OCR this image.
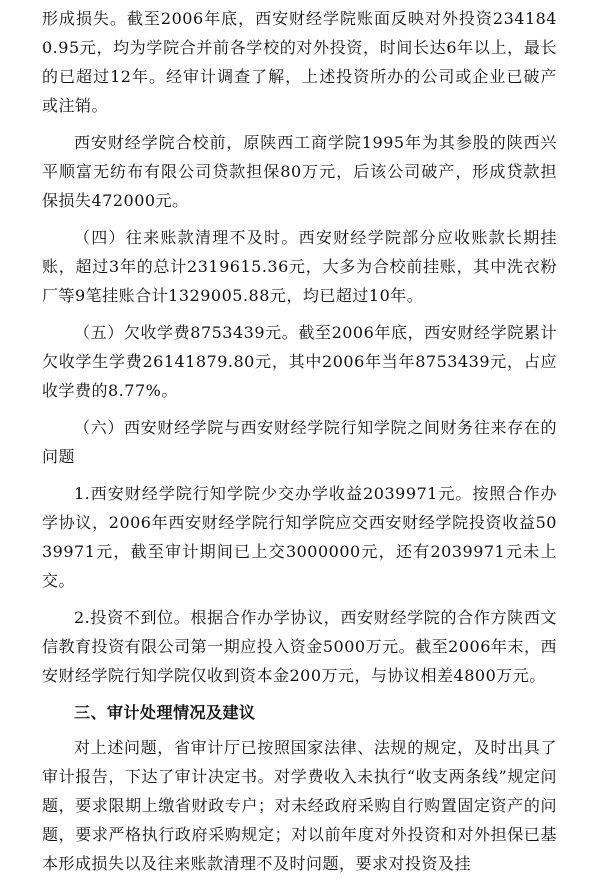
形成损失。截至2006年底，西安财经学院账面反映对外投资2341840.95元，均为学院合并前各学校的对外投资，时间长达6年以上，最长的已超过12年。经审计调查了解，上述投资所办的公司或企业已破产或注销。

西安财经学院合校前，原陕西工商学院1995年为其参股的陕西兴平顺富无纺布有限公司贷款担保80万元，后该公司破产，形成贷款担保损失472000元。

（四）往来账款清理不及时。西安财经学院部分应收账款长期挂账，超过3年的总计2319615.36元，大多为合校前挂账，其中洗衣粉厂等9笔挂账合计1329005.88元，均已超过10年。

（五）欠收学费8753439元。截至2006年底，西安财经学院累计欠收学生学费26141879.80元，其中2006年当年8753439元，占应收学费的8.77%。

（六）西安财经学院与西安财经学院行知学院之间财务往来存在的问题

1.西安财经学院行知学院少交办学收益2039971元。按照合作办学协议，2006年西安财经学院行知学院应交西安财经学院投资收益5039971元，截至审计期间已上交3000000元，还有2039971元未上交。

2.投资不到位。根据合作办学协议，西安财经学院的合作方陕西文信教育投资有限公司第一期应投入资金5000万元。截至2006年末，西安财经学院行知学院仅收到资本金200万元，与协议相差4800万元。

三、审计处理情况及建议

对上述问题，省审计厅已按照国家法律、法规的规定，及时出具了审计报告，下达了审计决定书。对学费收入未执行“收支两条线”规定问题，要求限期上缴省财政专户；对未经政府采购自行购置固定资产的问题，要求严格执行政府采购规定；对以前年度对外投资和对外担保已基本形成损失以及往来账款清理不及时问题，要求对投资及挂
